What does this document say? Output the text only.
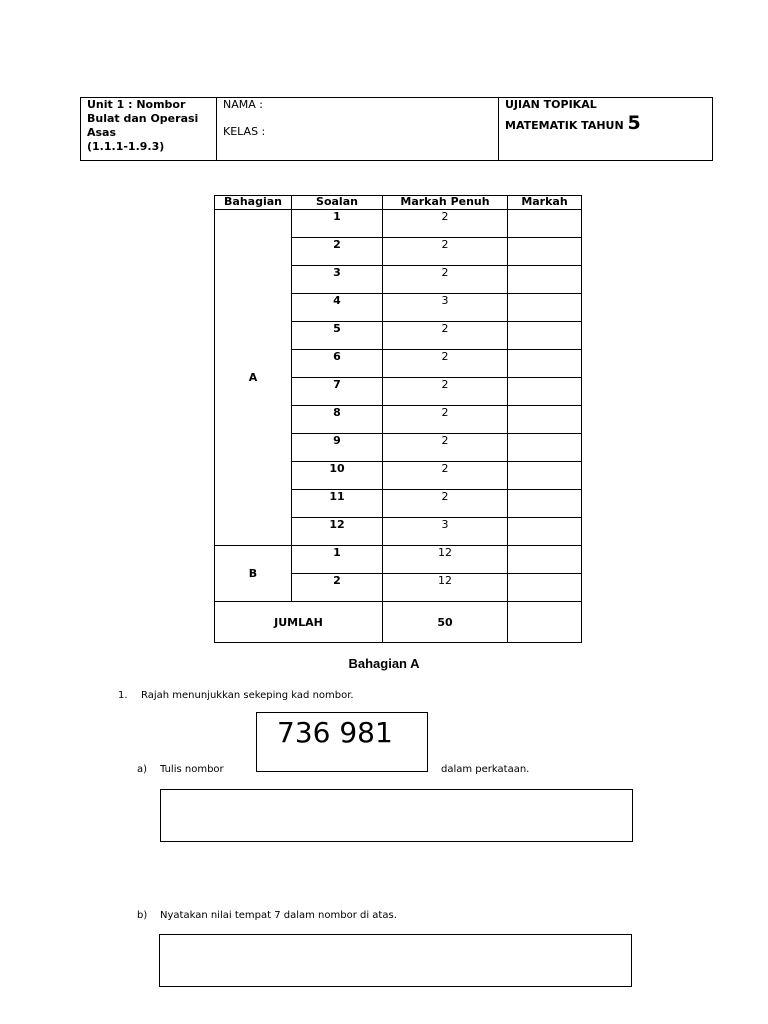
Unit 1 : Nombor
Bulat dan Operasi
Asas
(1.1.1-1.9.3)
NAMA :
KELAS :
UJIAN TOPIKAL
MATEMATIK TAHUN 5
Bahagian	Soalan	Markah Penuh	Markah
A	1	2	
	2	2	
	3	2	
	4	3	
	5	2	
	6	2	
	7	2	
	8	2	
	9	2	
	10	2	
	11	2	
	12	3	
B	1	12	
	2	12	
JUMLAH		50	
Bahagian A
1. Rajah menunjukkan sekeping kad nombor.
736 981
a) Tulis nombor	dalam perkataan.
b) Nyatakan nilai tempat 7 dalam nombor di atas.
